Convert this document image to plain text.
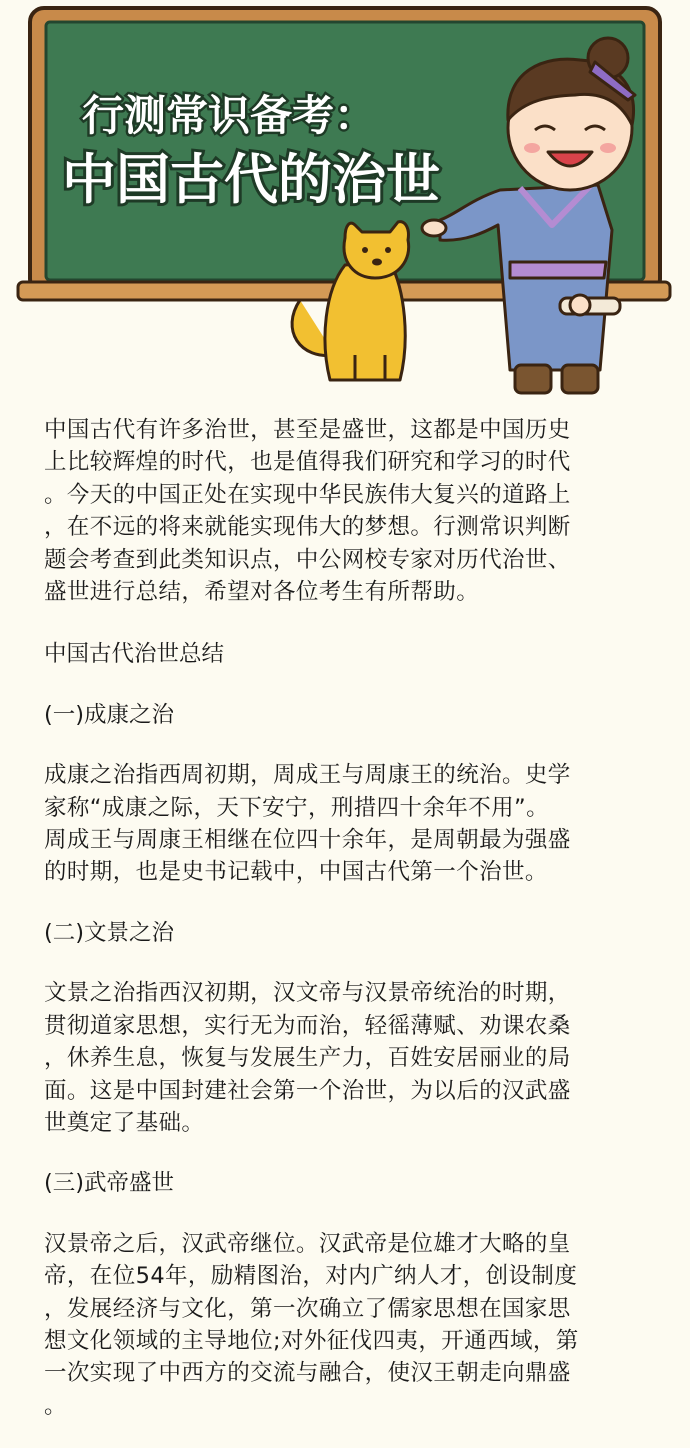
行测常识备考：
中国古代的治世

中国古代有许多治世，甚至是盛世，这都是中国历史
上比较辉煌的时代，也是值得我们研究和学习的时代
。今天的中国正处在实现中华民族伟大复兴的道路上
，在不远的将来就能实现伟大的梦想。行测常识判断
题会考查到此类知识点，中公网校专家对历代治世、
盛世进行总结，希望对各位考生有所帮助。

中国古代治世总结

(一)成康之治

成康之治指西周初期，周成王与周康王的统治。史学
家称“成康之际，天下安宁，刑措四十余年不用”。
周成王与周康王相继在位四十余年，是周朝最为强盛
的时期，也是史书记载中，中国古代第一个治世。

(二)文景之治

文景之治指西汉初期，汉文帝与汉景帝统治的时期，
贯彻道家思想，实行无为而治，轻徭薄赋、劝课农桑
，休养生息，恢复与发展生产力，百姓安居丽业的局
面。这是中国封建社会第一个治世，为以后的汉武盛
世奠定了基础。

(三)武帝盛世

汉景帝之后，汉武帝继位。汉武帝是位雄才大略的皇
帝，在位54年，励精图治，对内广纳人才，创设制度
，发展经济与文化，第一次确立了儒家思想在国家思
想文化领域的主导地位;对外征伐四夷，开通西域，第
一次实现了中西方的交流与融合，使汉王朝走向鼎盛
。
